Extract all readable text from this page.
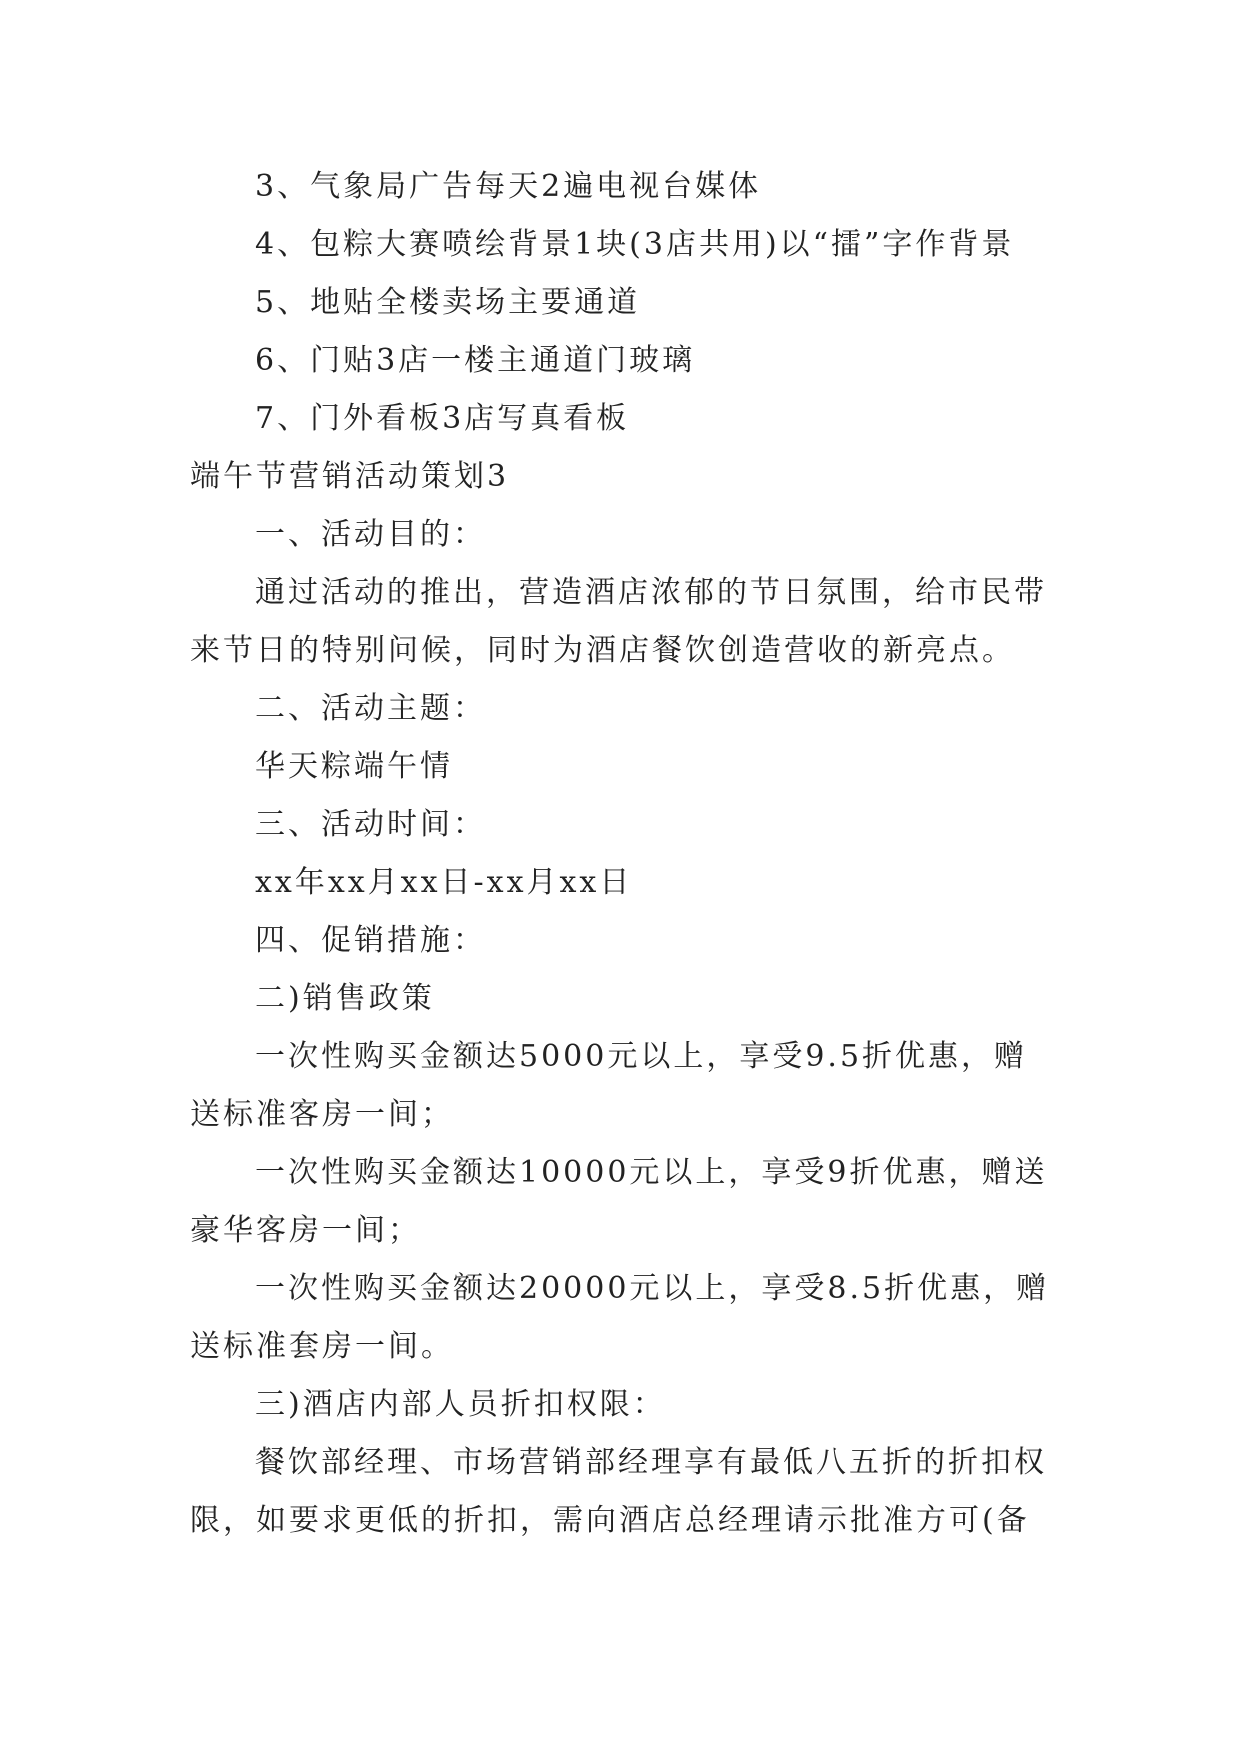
3、气象局广告每天2遍电视台媒体

4、包粽大赛喷绘背景1块(3店共用)以“擂”字作背景

5、地贴全楼卖场主要通道

6、门贴3店一楼主通道门玻璃

7、门外看板3店写真看板

端午节营销活动策划3

一、活动目的：

通过活动的推出，营造酒店浓郁的节日氛围，给市民带

来节日的特别问候，同时为酒店餐饮创造营收的新亮点。

二、活动主题：

华天粽端午情

三、活动时间：

xx年xx月xx日-xx月xx日

四、促销措施：

二)销售政策

一次性购买金额达5000元以上，享受9.5折优惠，赠

送标准客房一间；

一次性购买金额达10000元以上，享受9折优惠，赠送

豪华客房一间；

一次性购买金额达20000元以上，享受8.5折优惠，赠

送标准套房一间。

三)酒店内部人员折扣权限：

餐饮部经理、市场营销部经理享有最低八五折的折扣权

限，如要求更低的折扣，需向酒店总经理请示批准方可(备
